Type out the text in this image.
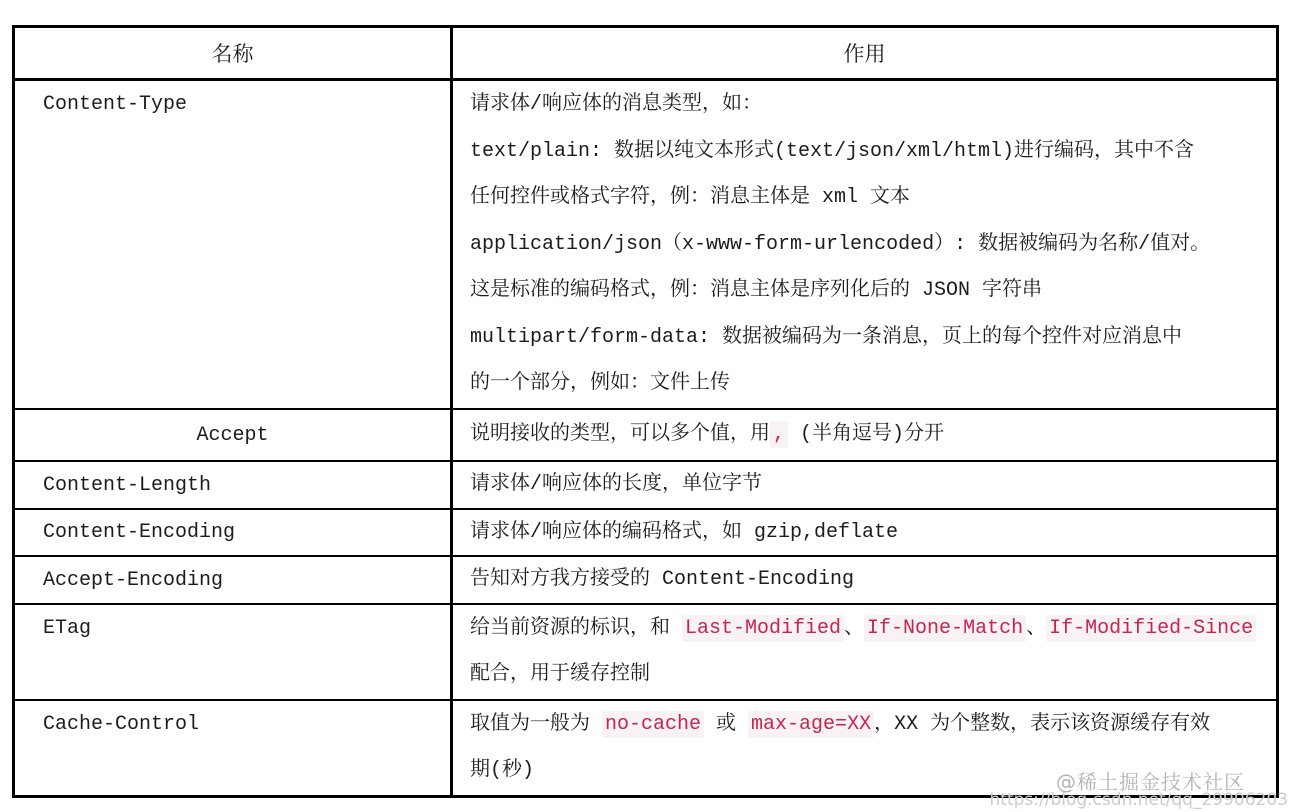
名称	作用
Content-Type	请求体/响应体的消息类型，如：
text/plain: 数据以纯文本形式(text/json/xml/html)进行编码，其中不含
任何控件或格式字符，例：消息主体是 xml 文本
application/json（x-www-form-urlencoded）: 数据被编码为名称/值对。
这是标准的编码格式，例：消息主体是序列化后的 JSON 字符串
multipart/form-data: 数据被编码为一条消息，页上的每个控件对应消息中
的一个部分，例如：文件上传
Accept	说明接收的类型，可以多个值，用 , (半角逗号)分开
Content-Length	请求体/响应体的长度，单位字节
Content-Encoding	请求体/响应体的编码格式，如 gzip,deflate
Accept-Encoding	告知对方我方接受的 Content-Encoding
ETag	给当前资源的标识，和 Last-Modified 、 If-None-Match 、 If-Modified-Since
配合，用于缓存控制
Cache-Control	取值为一般为 no-cache 或 max-age=XX ，XX 为个整数，表示该资源缓存有效
期(秒)	@稀土掘金技术社区
https://blog.csdn.net/qq_29906203
